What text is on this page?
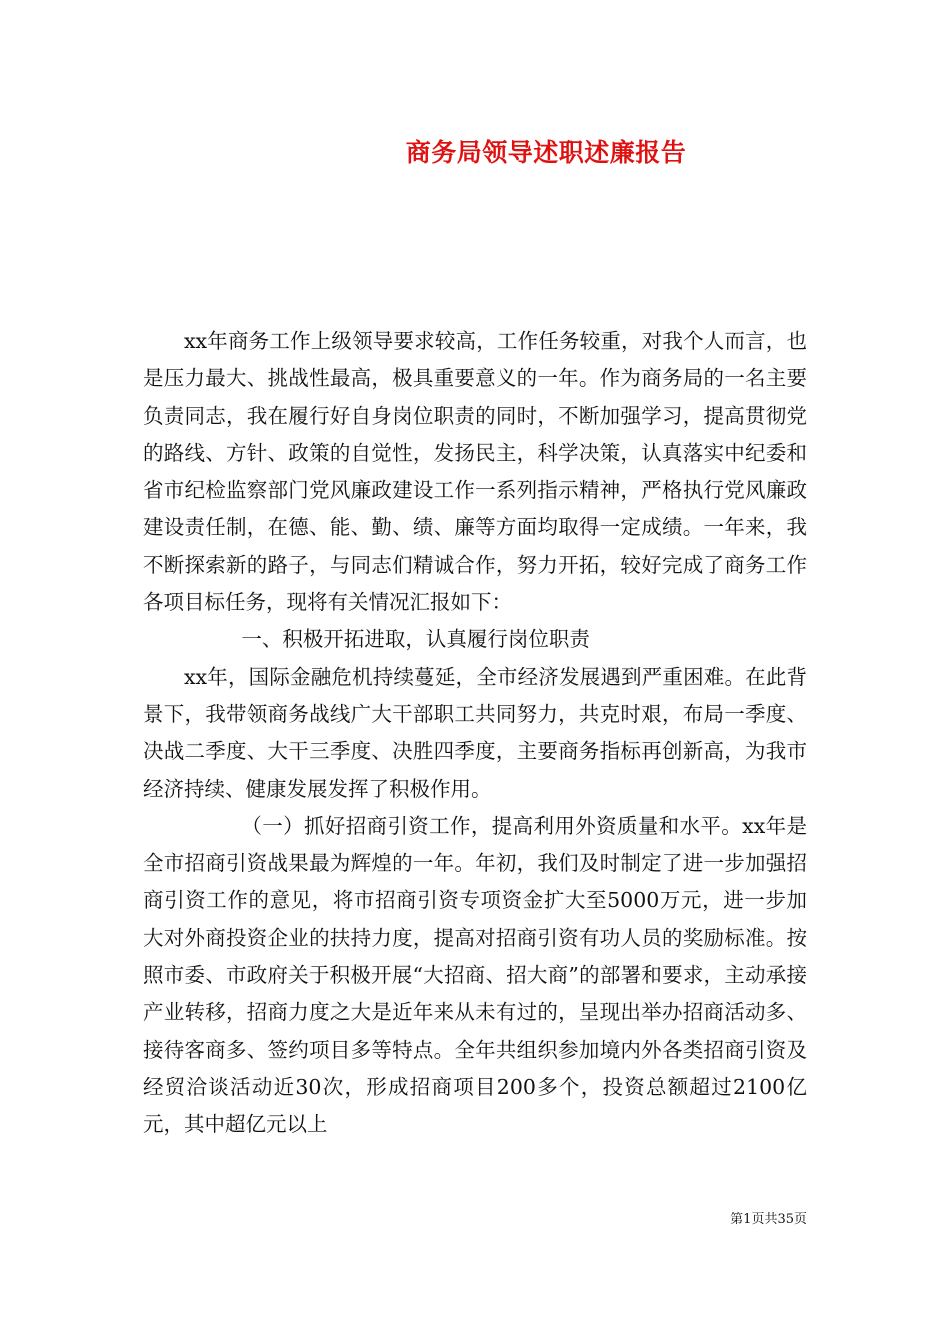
商务局领导述职述廉报告

xx年商务工作上级领导要求较高，工作任务较重，对我个人而言，也是压力最大、挑战性最高，极具重要意义的一年。作为商务局的一名主要负责同志，我在履行好自身岗位职责的同时，不断加强学习，提高贯彻党的路线、方针、政策的自觉性，发扬民主，科学决策，认真落实中纪委和省市纪检监察部门党风廉政建设工作一系列指示精神，严格执行党风廉政建设责任制，在德、能、勤、绩、廉等方面均取得一定成绩。一年来，我不断探索新的路子，与同志们精诚合作，努力开拓，较好完成了商务工作各项目标任务，现将有关情况汇报如下：

一、积极开拓进取，认真履行岗位职责

xx年，国际金融危机持续蔓延，全市经济发展遇到严重困难。在此背景下，我带领商务战线广大干部职工共同努力，共克时艰，布局一季度、决战二季度、大干三季度、决胜四季度，主要商务指标再创新高，为我市经济持续、健康发展发挥了积极作用。

（一）抓好招商引资工作，提高利用外资质量和水平。xx年是全市招商引资战果最为辉煌的一年。年初，我们及时制定了进一步加强招商引资工作的意见，将市招商引资专项资金扩大至5000万元，进一步加大对外商投资企业的扶持力度，提高对招商引资有功人员的奖励标准。按照市委、市政府关于积极开展“大招商、招大商”的部署和要求，主动承接产业转移，招商力度之大是近年来从未有过的，呈现出举办招商活动多、接待客商多、签约项目多等特点。全年共组织参加境内外各类招商引资及经贸洽谈活动近30次，形成招商项目200多个，投资总额超过2100亿元，其中超亿元以上

第1页共35页
